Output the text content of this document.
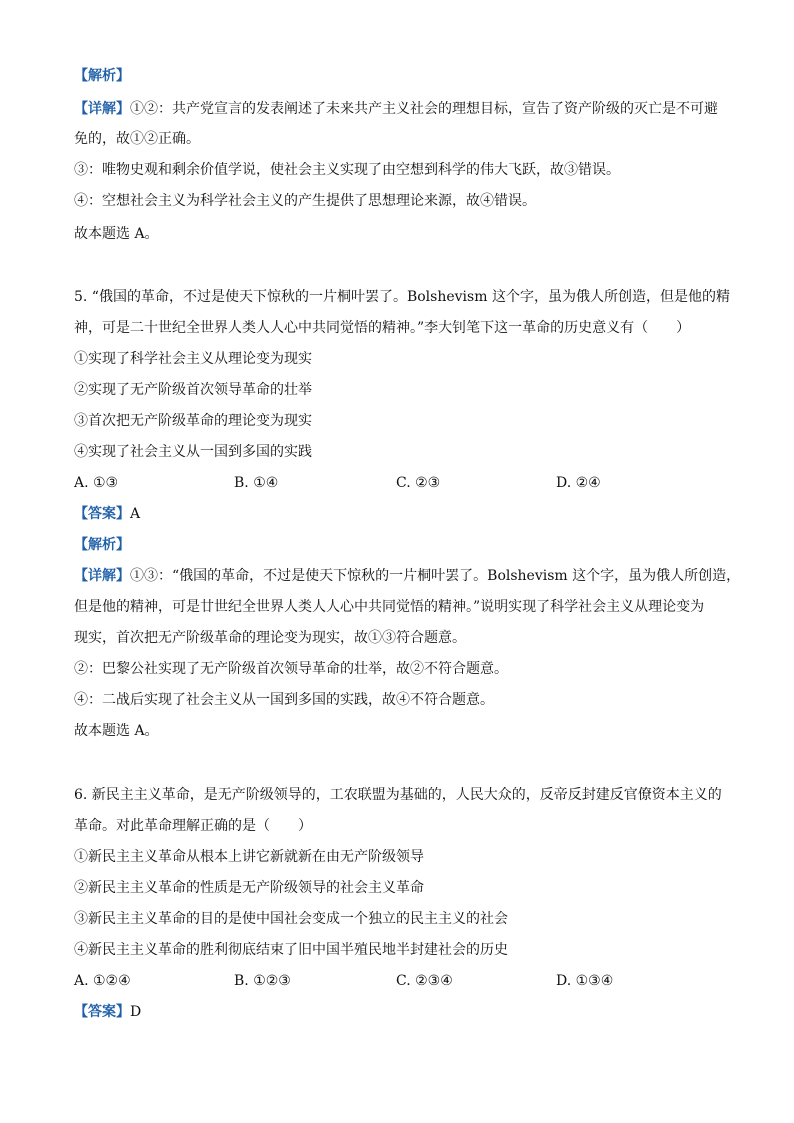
【解析】
【详解】①②：共产党宣言的发表阐述了未来共产主义社会的理想目标，宣告了资产阶级的灭亡是不可避
免的，故①②正确。
③：唯物史观和剩余价值学说，使社会主义实现了由空想到科学的伟大飞跃，故③错误。
④：空想社会主义为科学社会主义的产生提供了思想理论来源，故④错误。
故本题选 A。
5. “俄国的革命，不过是使天下惊秋的一片桐叶罢了。Bolshevism 这个字，虽为俄人所创造，但是他的精
神，可是二十世纪全世界人类人人心中共同觉悟的精神。”李大钊笔下这一革命的历史意义有（　　）
①实现了科学社会主义从理论变为现实
②实现了无产阶级首次领导革命的壮举
③首次把无产阶级革命的理论变为现实
④实现了社会主义从一国到多国的实践
A. ①③	B. ①④	C. ②③	D. ②④
【答案】A
【解析】
【详解】①③：“俄国的革命，不过是使天下惊秋的一片桐叶罢了。Bolshevism 这个字，虽为俄人所创造，
但是他的精神，可是廿世纪全世界人类人人心中共同觉悟的精神。”说明实现了科学社会主义从理论变为
现实，首次把无产阶级革命的理论变为现实，故①③符合题意。
②：巴黎公社实现了无产阶级首次领导革命的壮举，故②不符合题意。
④：二战后实现了社会主义从一国到多国的实践，故④不符合题意。
故本题选 A。
6. 新民主主义革命，是无产阶级领导的，工农联盟为基础的，人民大众的，反帝反封建反官僚资本主义的
革命。对此革命理解正确的是（　　）
①新民主主义革命从根本上讲它新就新在由无产阶级领导
②新民主主义革命的性质是无产阶级领导的社会主义革命
③新民主主义革命的目的是使中国社会变成一个独立的民主主义的社会
④新民主主义革命的胜利彻底结束了旧中国半殖民地半封建社会的历史
A. ①②④	B. ①②③	C. ②③④	D. ①③④
【答案】D
